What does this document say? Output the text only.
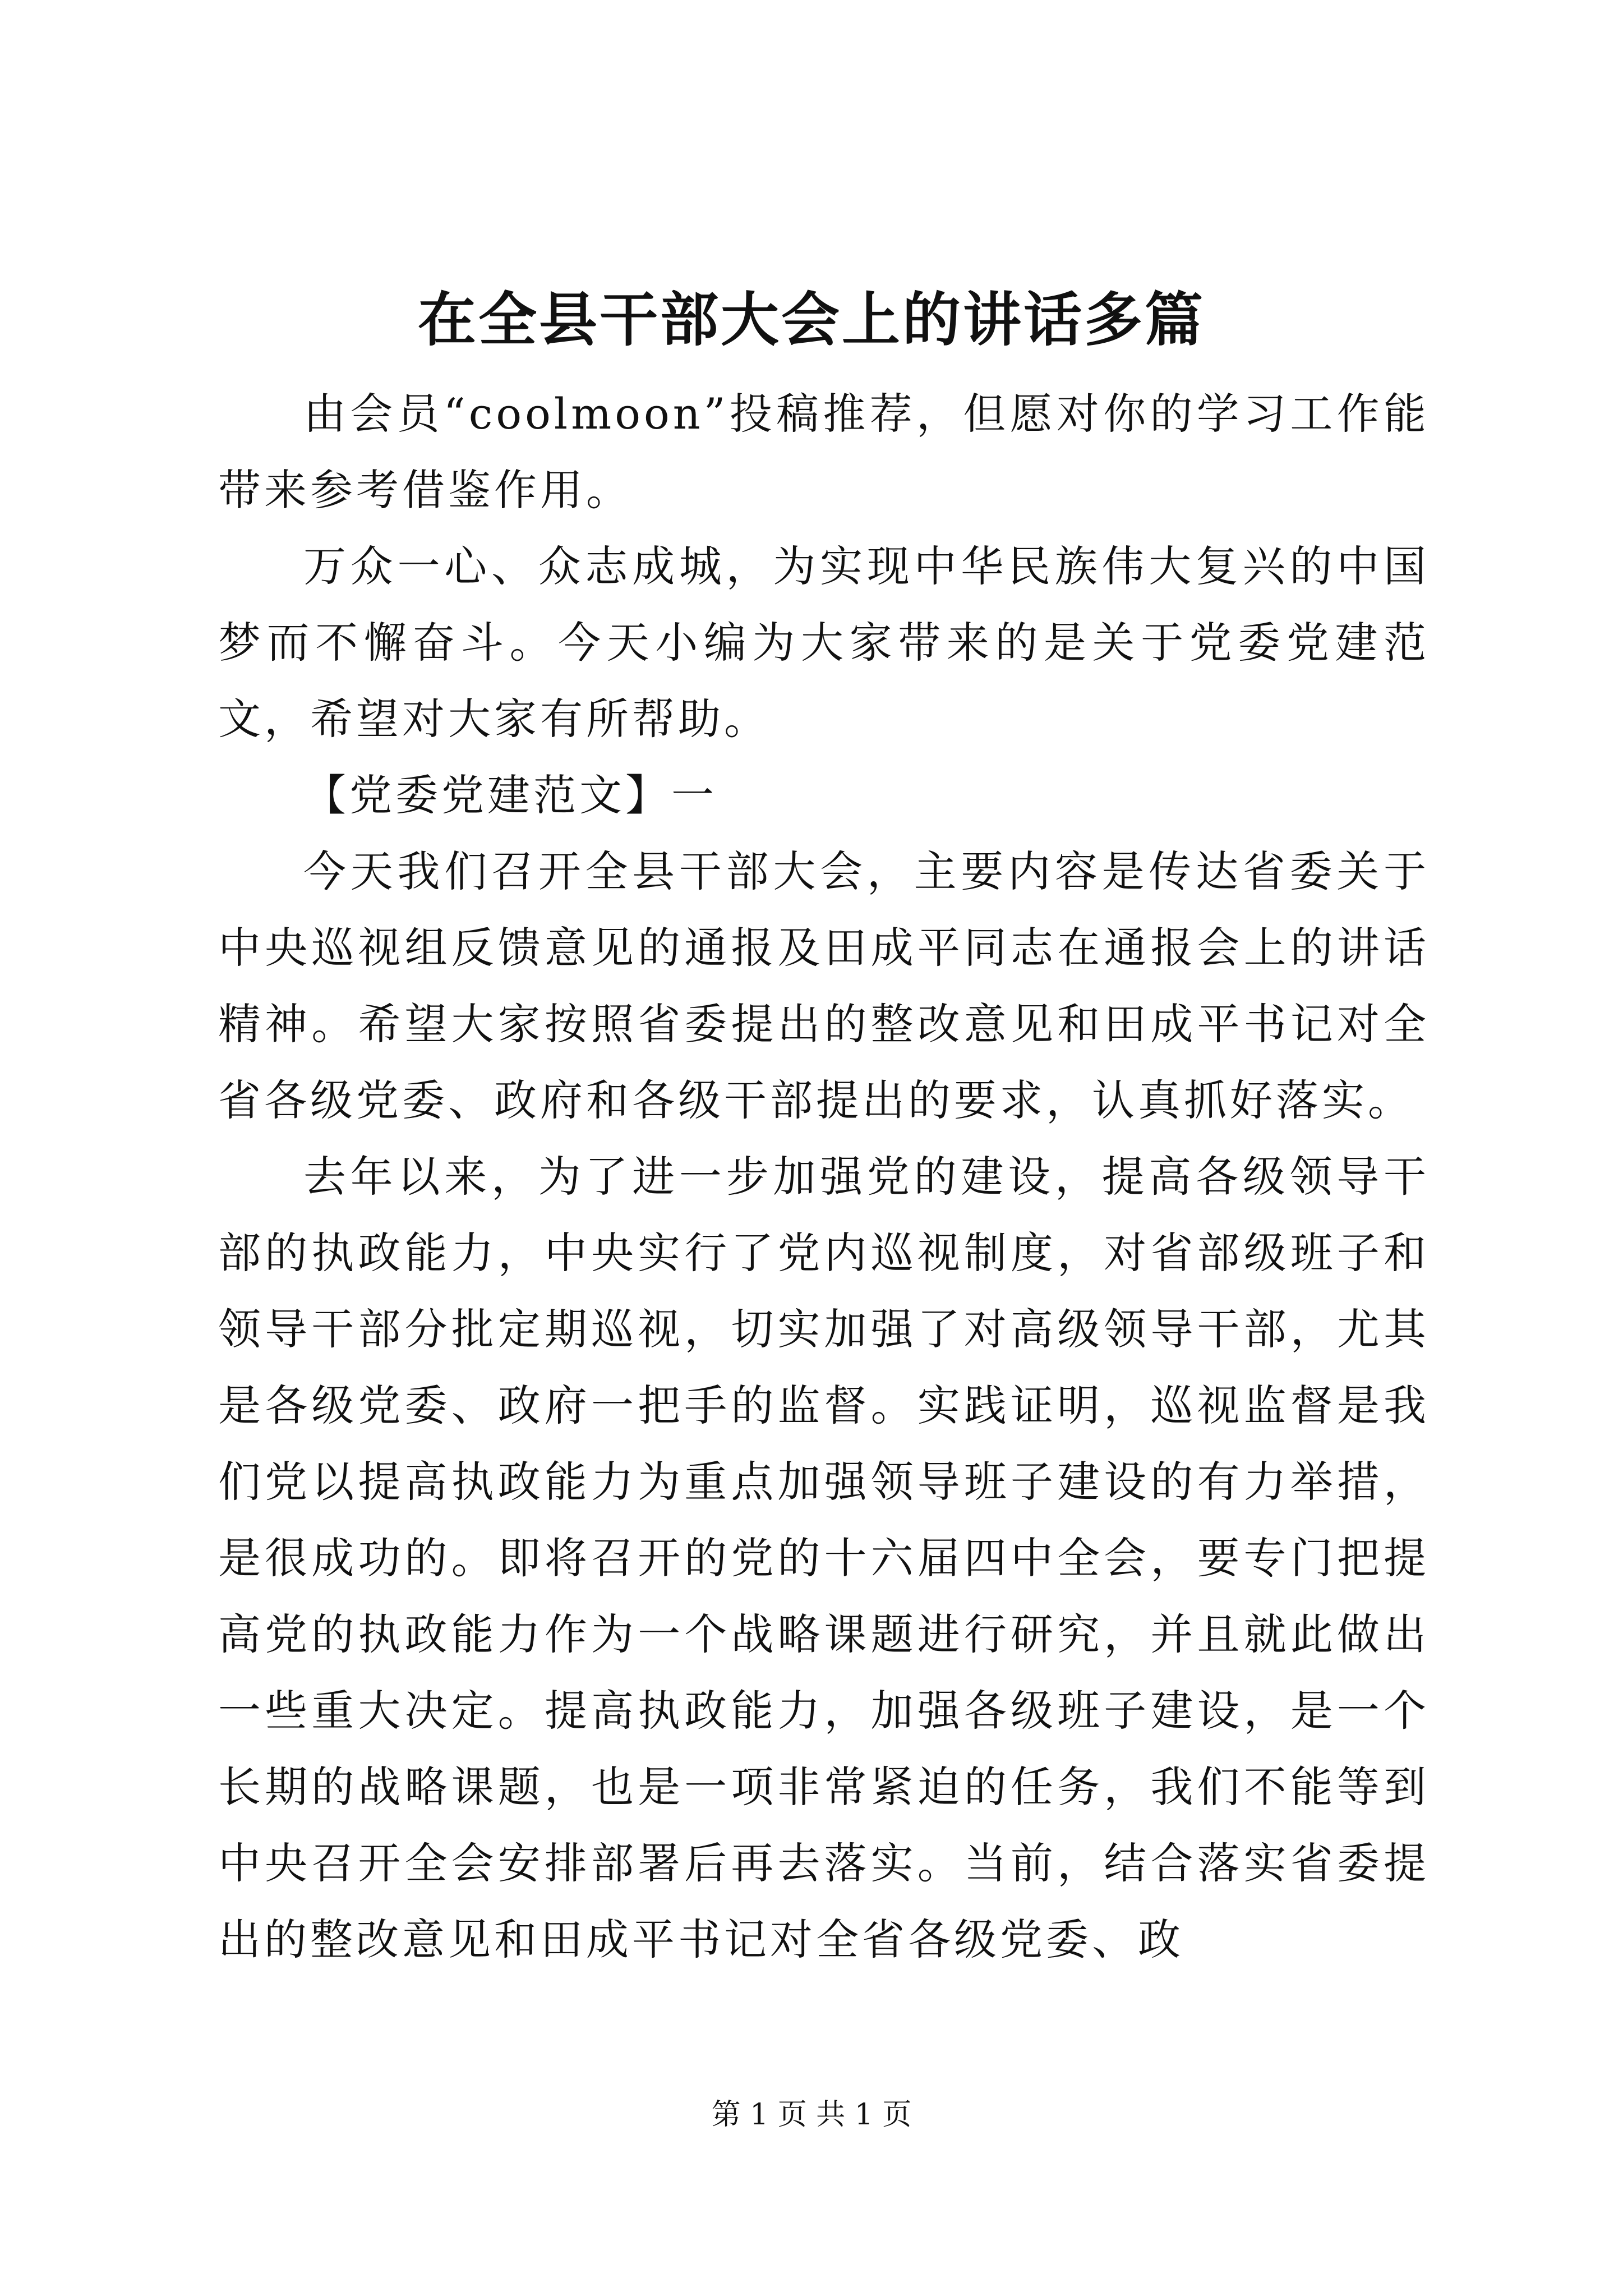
在全县干部大会上的讲话多篇

由会员“coolmoon”投稿推荐，但愿对你的学习工作能带来参考借鉴作用。

万众一心、众志成城，为实现中华民族伟大复兴的中国梦而不懈奋斗。今天小编为大家带来的是关于党委党建范文，希望对大家有所帮助。

【党委党建范文】一

今天我们召开全县干部大会，主要内容是传达省委关于中央巡视组反馈意见的通报及田成平同志在通报会上的讲话精神。希望大家按照省委提出的整改意见和田成平书记对全省各级党委、政府和各级干部提出的要求，认真抓好落实。

去年以来，为了进一步加强党的建设，提高各级领导干部的执政能力，中央实行了党内巡视制度，对省部级班子和领导干部分批定期巡视，切实加强了对高级领导干部，尤其是各级党委、政府一把手的监督。实践证明，巡视监督是我们党以提高执政能力为重点加强领导班子建设的有力举措，是很成功的。即将召开的党的十六届四中全会，要专门把提高党的执政能力作为一个战略课题进行研究，并且就此做出一些重大决定。提高执政能力，加强各级班子建设，是一个长期的战略课题，也是一项非常紧迫的任务，我们不能等到中央召开全会安排部署后再去落实。当前，结合落实省委提出的整改意见和田成平书记对全省各级党委、政

第 1 页 共 1 页
